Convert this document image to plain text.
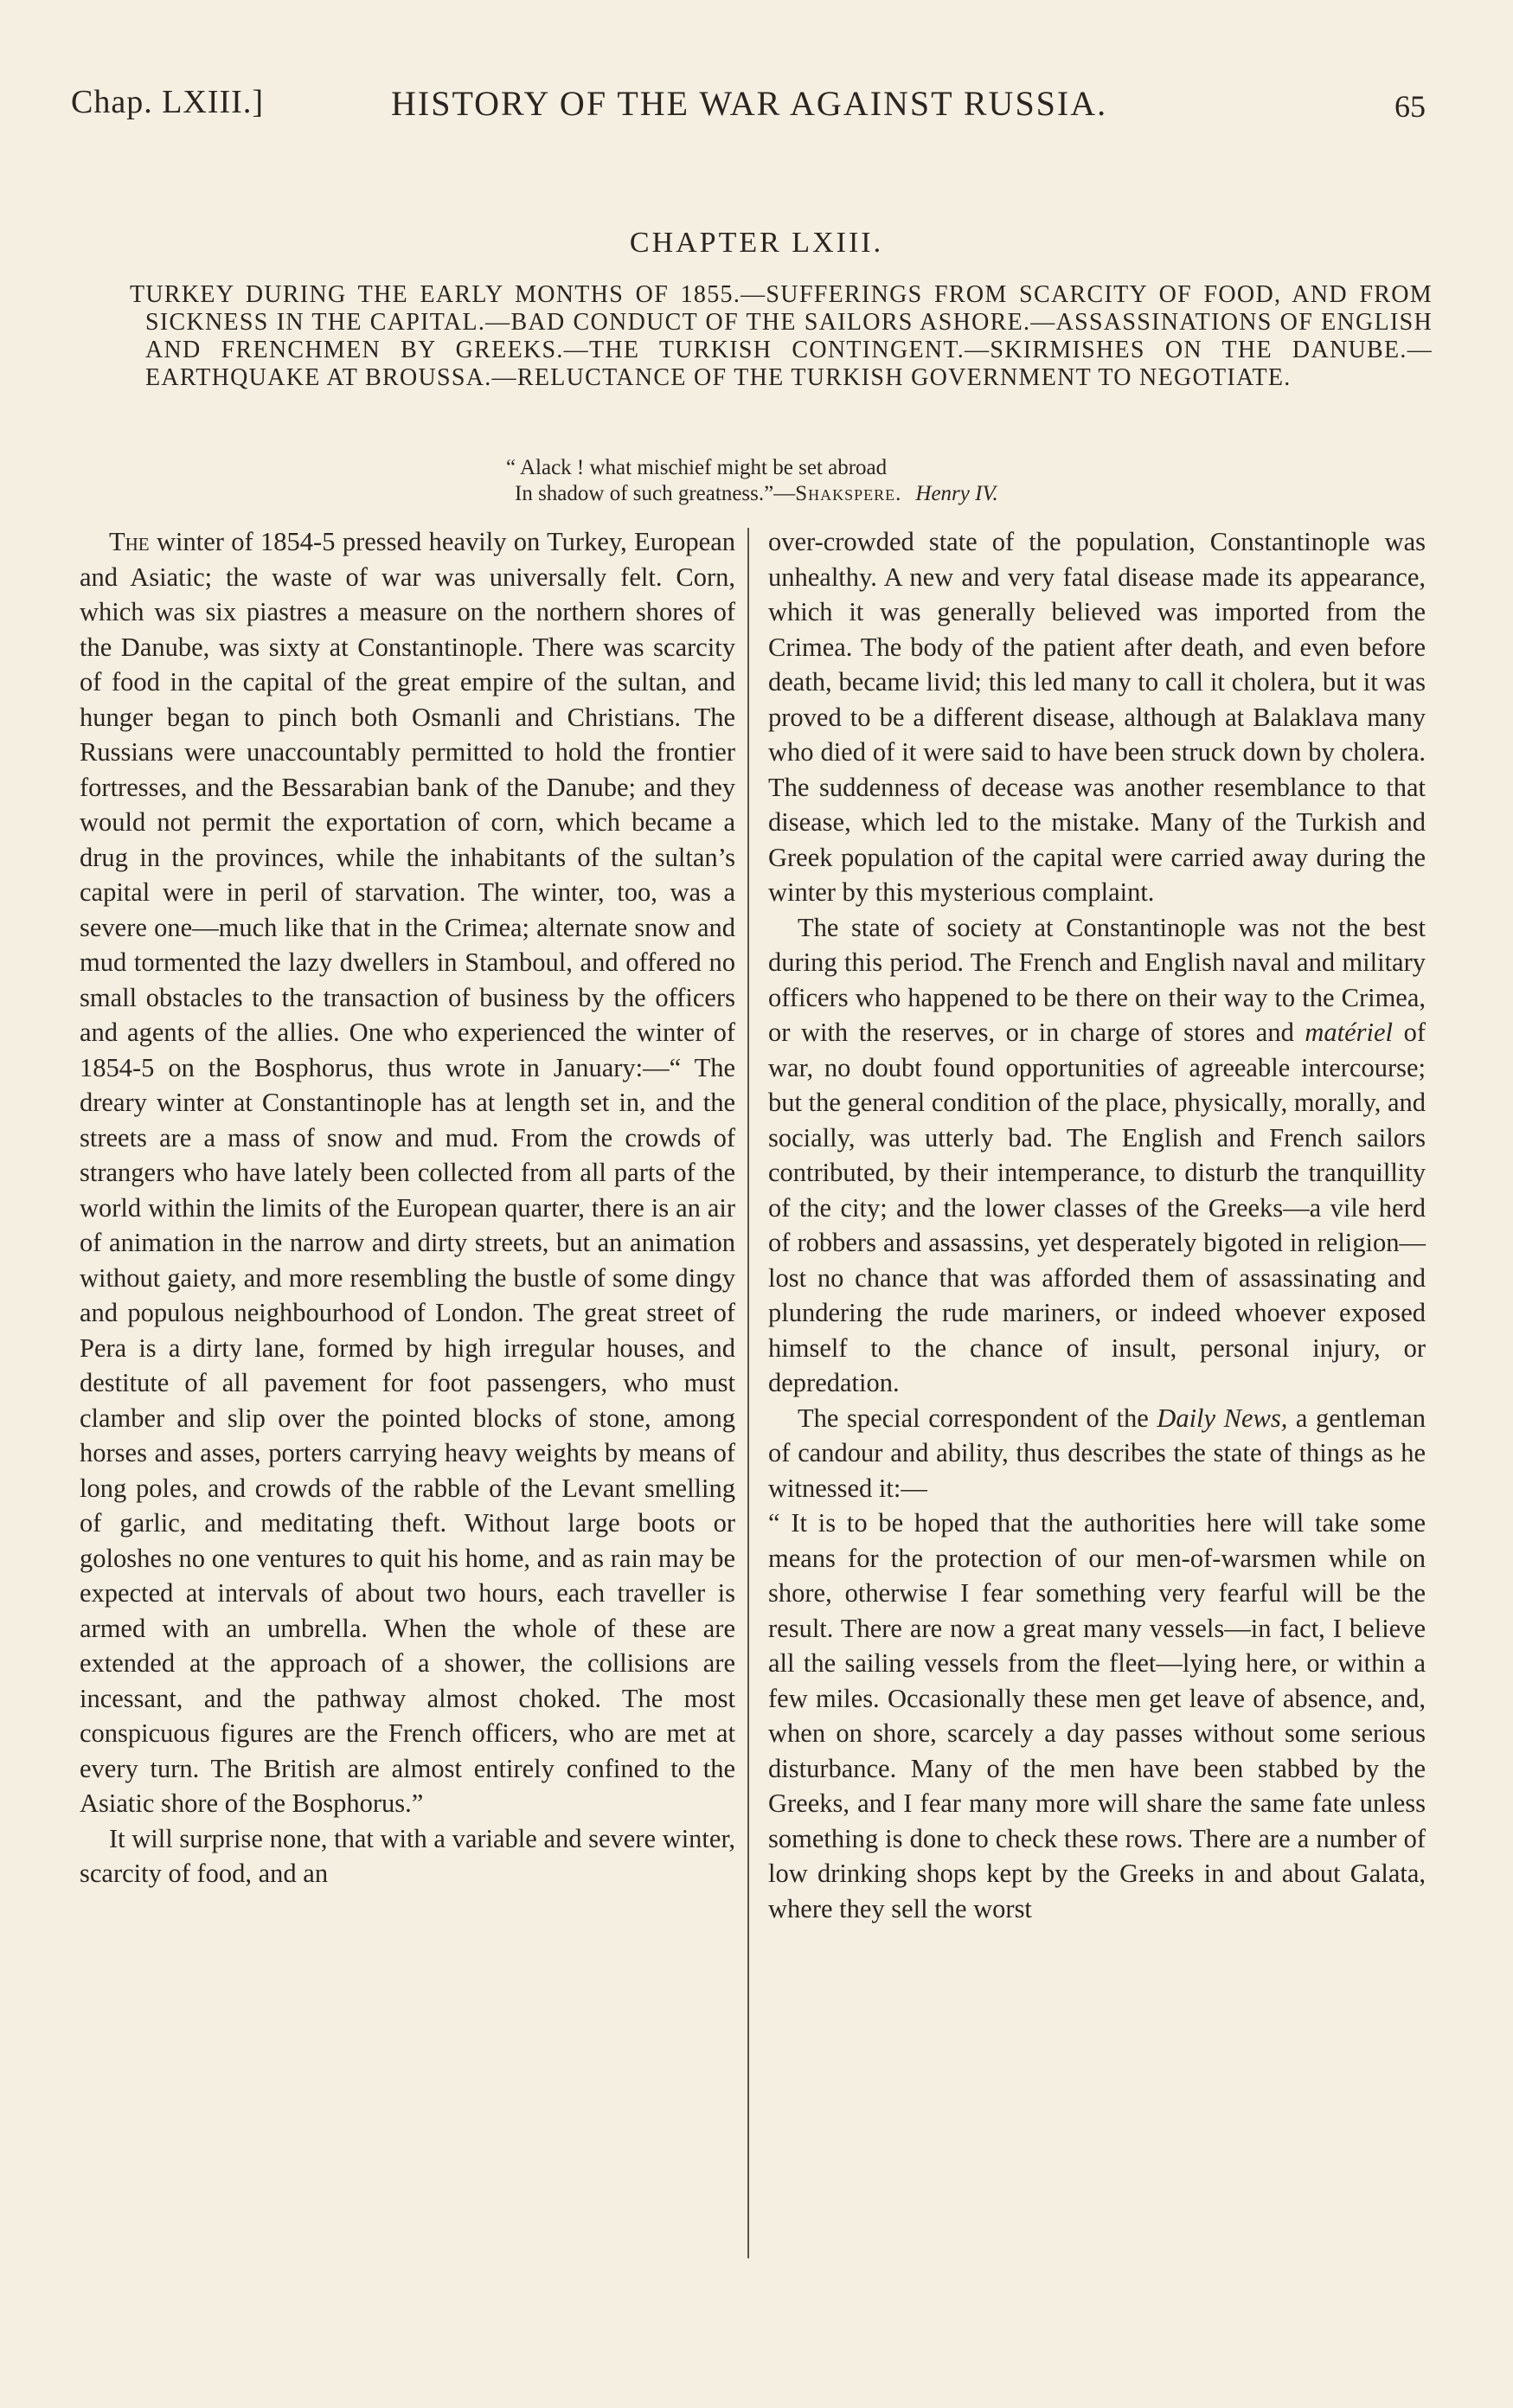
Chap. LXIII.]	HISTORY OF THE WAR AGAINST RUSSIA.	65
CHAPTER LXIII.
TURKEY DURING THE EARLY MONTHS OF 1855.—SUFFERINGS FROM SCARCITY OF FOOD, AND FROM SICKNESS IN THE CAPITAL.—BAD CONDUCT OF THE SAILORS ASHORE.—ASSASSINATIONS OF ENGLISH AND FRENCHMEN BY GREEKS.—THE TURKISH CONTINGENT.—SKIRMISHES ON THE DANUBE.—EARTHQUAKE AT BROUSSA.—RELUCTANCE OF THE TURKISH GOVERNMENT TO NEGOTIATE.
“ Alack ! what mischief might be set abroad
In shadow of such greatness.”—Shakspere. Henry IV.

The winter of 1854-5 pressed heavily on Turkey, European and Asiatic; the waste of war was universally felt. Corn, which was six piastres a measure on the northern shores of the Danube, was sixty at Constantinople. There was scarcity of food in the capital of the great empire of the sultan, and hunger began to pinch both Osmanli and Christians. The Russians were unaccountably permitted to hold the frontier fortresses, and the Bessarabian bank of the Danube; and they would not permit the exportation of corn, which became a drug in the provinces, while the inhabitants of the sultan’s capital were in peril of starvation. The winter, too, was a severe one—much like that in the Crimea; alternate snow and mud tormented the lazy dwellers in Stamboul, and offered no small obstacles to the transaction of business by the officers and agents of the allies. One who experienced the winter of 1854-5 on the Bosphorus, thus wrote in January:—“ The dreary winter at Constantinople has at length set in, and the streets are a mass of snow and mud. From the crowds of strangers who have lately been collected from all parts of the world within the limits of the European quarter, there is an air of animation in the narrow and dirty streets, but an animation without gaiety, and more resembling the bustle of some dingy and populous neighbourhood of London. The great street of Pera is a dirty lane, formed by high irregular houses, and destitute of all pavement for foot passengers, who must clamber and slip over the pointed blocks of stone, among horses and asses, porters carrying heavy weights by means of long poles, and crowds of the rabble of the Levant smelling of garlic, and meditating theft. Without large boots or goloshes no one ventures to quit his home, and as rain may be expected at intervals of about two hours, each traveller is armed with an umbrella. When the whole of these are extended at the approach of a shower, the collisions are incessant, and the pathway almost choked. The most conspicuous figures are the French officers, who are met at every turn. The British are almost entirely confined to the Asiatic shore of the Bosphorus.”

It will surprise none, that with a variable and severe winter, scarcity of food, and an

over-crowded state of the population, Constantinople was unhealthy. A new and very fatal disease made its appearance, which it was generally believed was imported from the Crimea. The body of the patient after death, and even before death, became livid; this led many to call it cholera, but it was proved to be a different disease, although at Balaklava many who died of it were said to have been struck down by cholera. The suddenness of decease was another resemblance to that disease, which led to the mistake. Many of the Turkish and Greek population of the capital were carried away during the winter by this mysterious complaint.

The state of society at Constantinople was not the best during this period. The French and English naval and military officers who happened to be there on their way to the Crimea, or with the reserves, or in charge of stores and matériel of war, no doubt found opportunities of agreeable intercourse; but the general condition of the place, physically, morally, and socially, was utterly bad. The English and French sailors contributed, by their intemperance, to disturb the tranquillity of the city; and the lower classes of the Greeks—a vile herd of robbers and assassins, yet desperately bigoted in religion—lost no chance that was afforded them of assassinating and plundering the rude mariners, or indeed whoever exposed himself to the chance of insult, personal injury, or depredation.

The special correspondent of the Daily News, a gentleman of candour and ability, thus describes the state of things as he witnessed it:—

“ It is to be hoped that the authorities here will take some means for the protection of our men-of-warsmen while on shore, otherwise I fear something very fearful will be the result. There are now a great many vessels—in fact, I believe all the sailing vessels from the fleet—lying here, or within a few miles. Occasionally these men get leave of absence, and, when on shore, scarcely a day passes without some serious disturbance. Many of the men have been stabbed by the Greeks, and I fear many more will share the same fate unless something is done to check these rows. There are a number of low drinking shops kept by the Greeks in and about Galata, where they sell the worst
